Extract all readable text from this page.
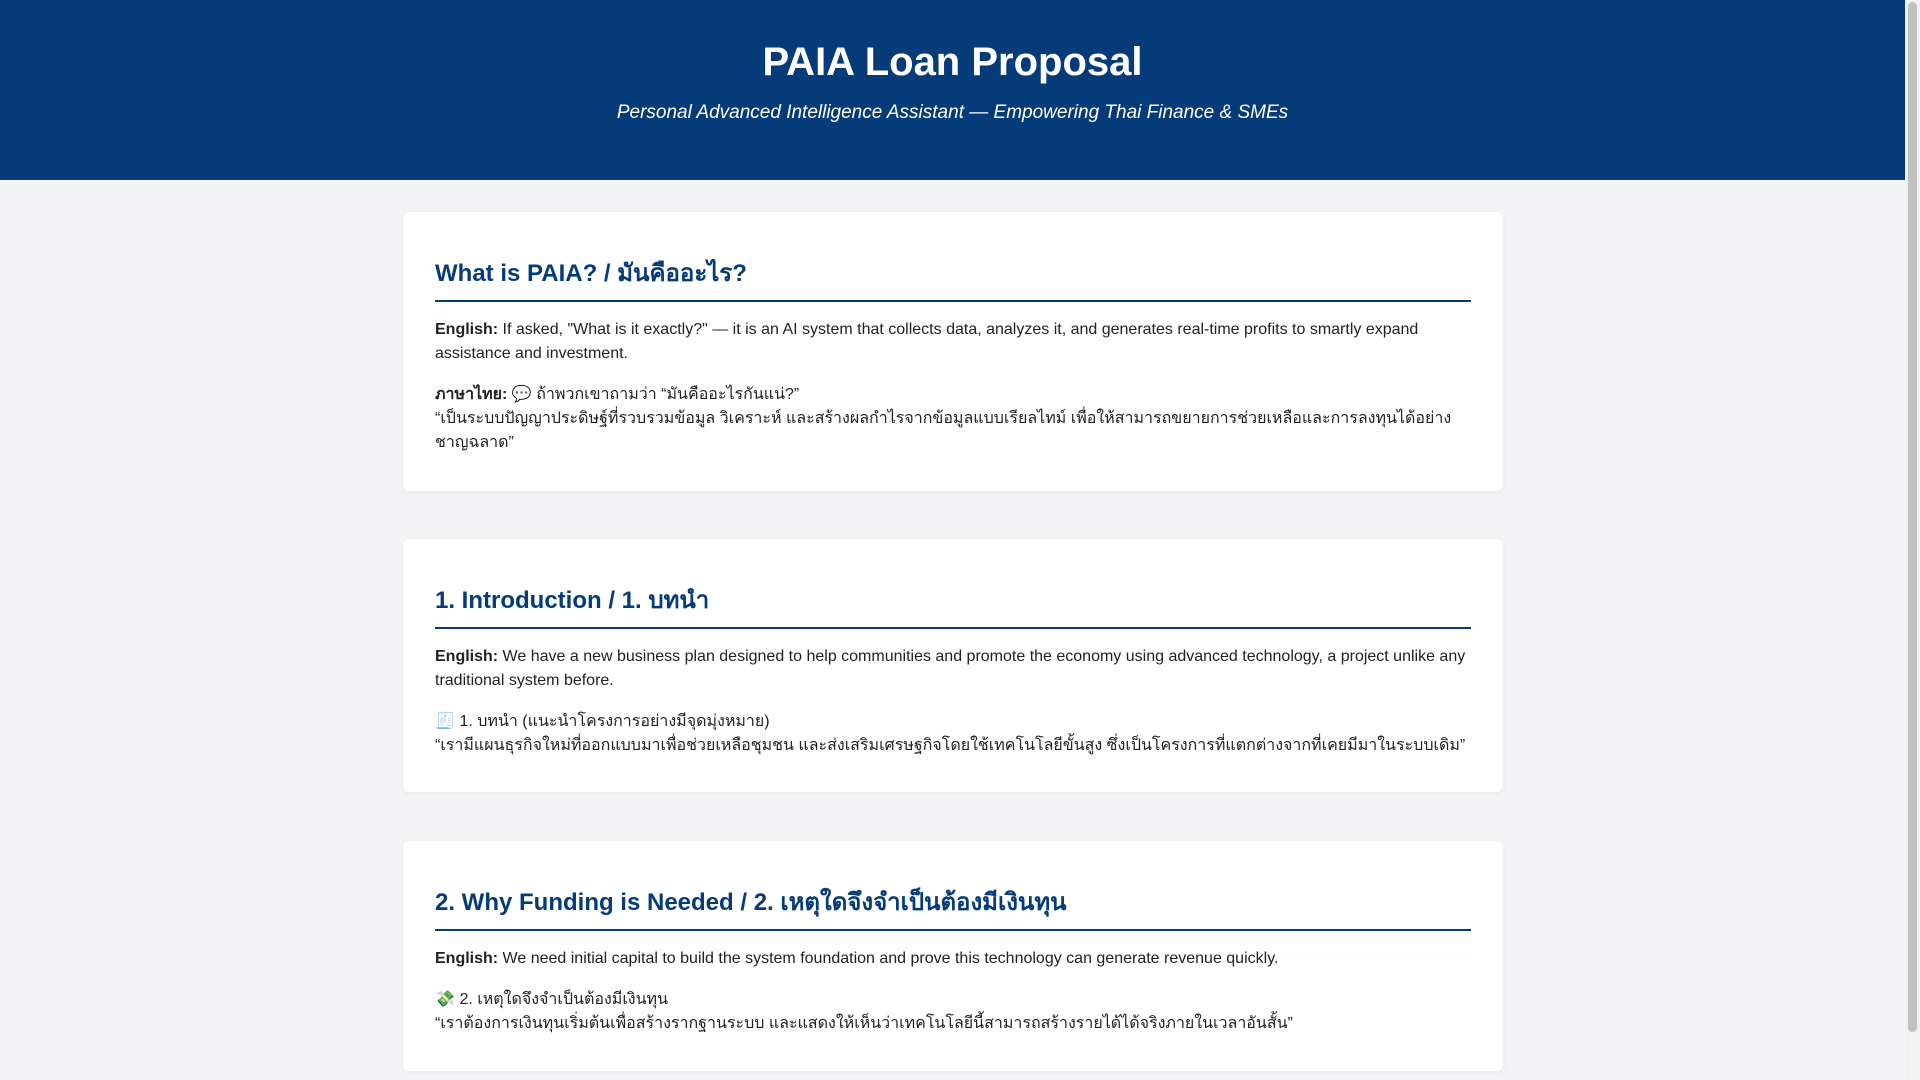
PAIA Loan Proposal
Personal Advanced Intelligence Assistant — Empowering Thai Finance & SMEs
What is PAIA? / มันคืออะไร?

English: If asked, "What is it exactly?" — it is an AI system that collects data, analyzes it, and generates real-time profits to smartly expand assistance and investment.

ภาษาไทย: 💬 ถ้าพวกเขาถามว่า “มันคืออะไรกันแน่?”
“เป็นระบบปัญญาประดิษฐ์ที่รวบรวมข้อมูล วิเคราะห์ และสร้างผลกำไรจากข้อมูลแบบเรียลไทม์ เพื่อให้สามารถขยายการช่วยเหลือและการลงทุนได้อย่างชาญฉลาด”

1. Introduction / 1. บทนำ

English: We have a new business plan designed to help communities and promote the economy using advanced technology, a project unlike any traditional system before.

🧾 1. บทนำ (แนะนำโครงการอย่างมีจุดมุ่งหมาย)
“เรามีแผนธุรกิจใหม่ที่ออกแบบมาเพื่อช่วยเหลือชุมชน และส่งเสริมเศรษฐกิจโดยใช้เทคโนโลยีขั้นสูง ซึ่งเป็นโครงการที่แตกต่างจากที่เคยมีมาในระบบเดิม”

2. Why Funding is Needed / 2. เหตุใดจึงจำเป็นต้องมีเงินทุน

English: We need initial capital to build the system foundation and prove this technology can generate revenue quickly.

💸 2. เหตุใดจึงจำเป็นต้องมีเงินทุน
“เราต้องการเงินทุนเริ่มต้นเพื่อสร้างรากฐานระบบ และแสดงให้เห็นว่าเทคโนโลยีนี้สามารถสร้างรายได้ได้จริงภายในเวลาอันสั้น”
